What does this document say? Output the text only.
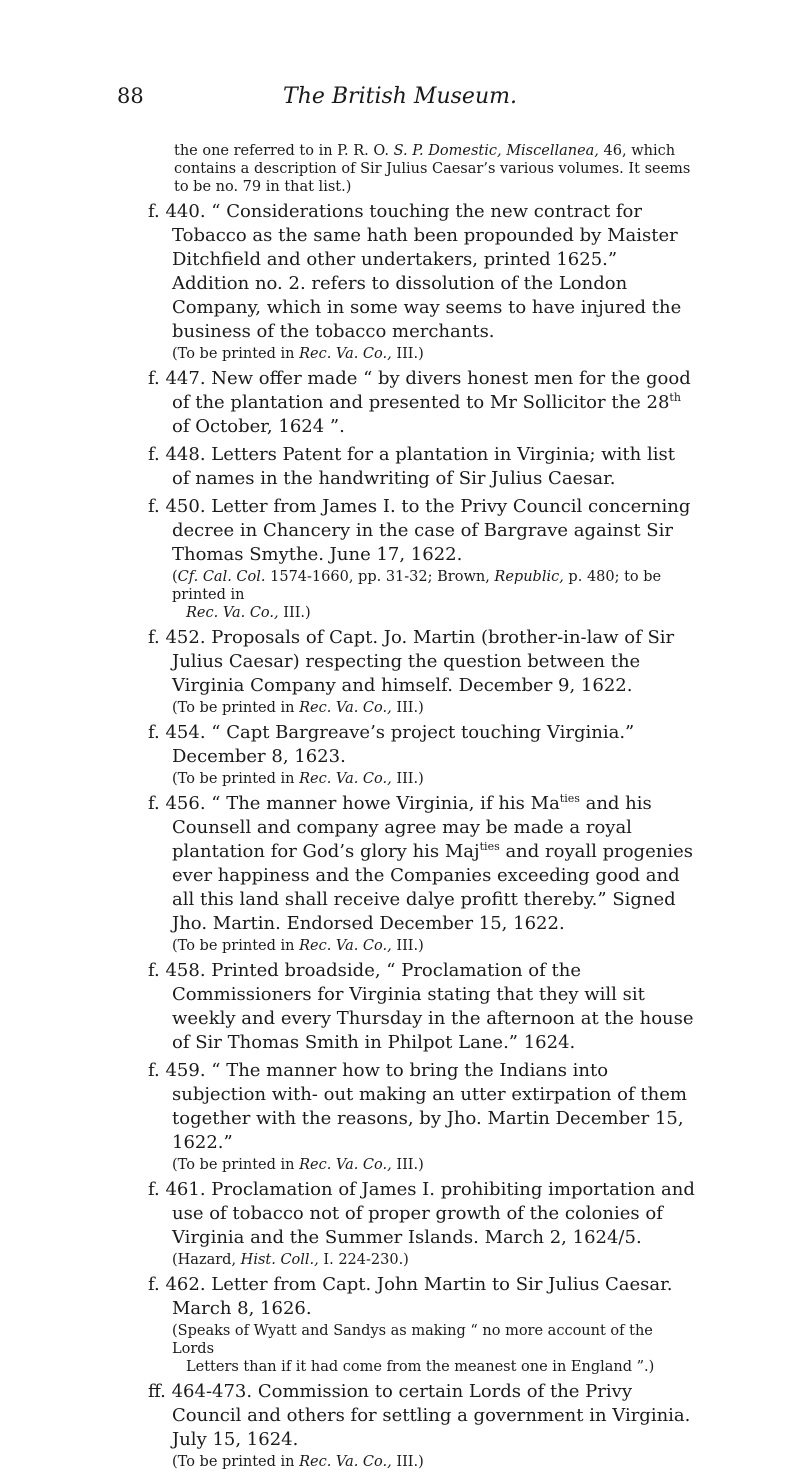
88	The British Museum.

the one referred to in P. R. O. S. P. Domestic, Miscellanea, 46, which contains a description of Sir Julius Caesar’s various volumes. It seems to be no. 79 in that list.)

f. 440. “ Considerations touching the new contract for Tobacco as the same hath been propounded by Maister Ditchfield and other undertakers, printed 1625.” Addition no. 2. refers to dissolution of the London Company, which in some way seems to have injured the business of the tobacco merchants.

(To be printed in Rec. Va. Co., III.)

f. 447. New offer made “ by divers honest men for the good of the plantation and presented to Mr Sollicitor the 28th of October, 1624 ”.

f. 448. Letters Patent for a plantation in Virginia; with list of names in the handwriting of Sir Julius Caesar.

f. 450. Letter from James I. to the Privy Council concerning decree in Chancery in the case of Bargrave against Sir Thomas Smythe. June 17, 1622.

(Cf. Cal. Col. 1574-1660, pp. 31-32; Brown, Republic, p. 480; to be printed in
Rec. Va. Co., III.)

f. 452. Proposals of Capt. Jo. Martin (brother-in-law of Sir Julius Caesar) respecting the question between the Virginia Company and himself. December 9, 1622.

(To be printed in Rec. Va. Co., III.)

f. 454. “ Capt Bargreave’s project touching Virginia.” December 8, 1623.

(To be printed in Rec. Va. Co., III.)

f. 456. “ The manner howe Virginia, if his $Ma^{ties}$ and his Counsell and company agree may be made a royal plantation for God’s glory his Maj$^{ties}$ and royall progenies ever happiness and the Companies exceeding good and all this land shall receive dalye profitt thereby.” Signed Jho. Martin. Endorsed December 15, 1622.

(To be printed in Rec. Va. Co., III.)

f. 458. Printed broadside, “ Proclamation of the Commissioners for Virginia stating that they will sit weekly and every Thursday in the afternoon at the house of Sir Thomas Smith in Philpot Lane.” 1624.

f. 459. “ The manner how to bring the Indians into subjection with- out making an utter extirpation of them together with the reasons, by Jho. Martin December 15, 1622.”

(To be printed in Rec. Va. Co., III.)

f. 461. Proclamation of James I. prohibiting importation and use of tobacco not of proper growth of the colonies of Virginia and the Summer Islands. March 2, 1624/5.

(Hazard, Hist. Coll., I. 224-230.)

f. 462. Letter from Capt. John Martin to Sir Julius Caesar. March 8, 1626.

(Speaks of Wyatt and Sandys as making “ no more account of the Lords
Letters than if it had come from the meanest one in England ”.)

ff. 464-473. Commission to certain Lords of the Privy Council and others for settling a government in Virginia. July 15, 1624.

(To be printed in Rec. Va. Co., III.)
